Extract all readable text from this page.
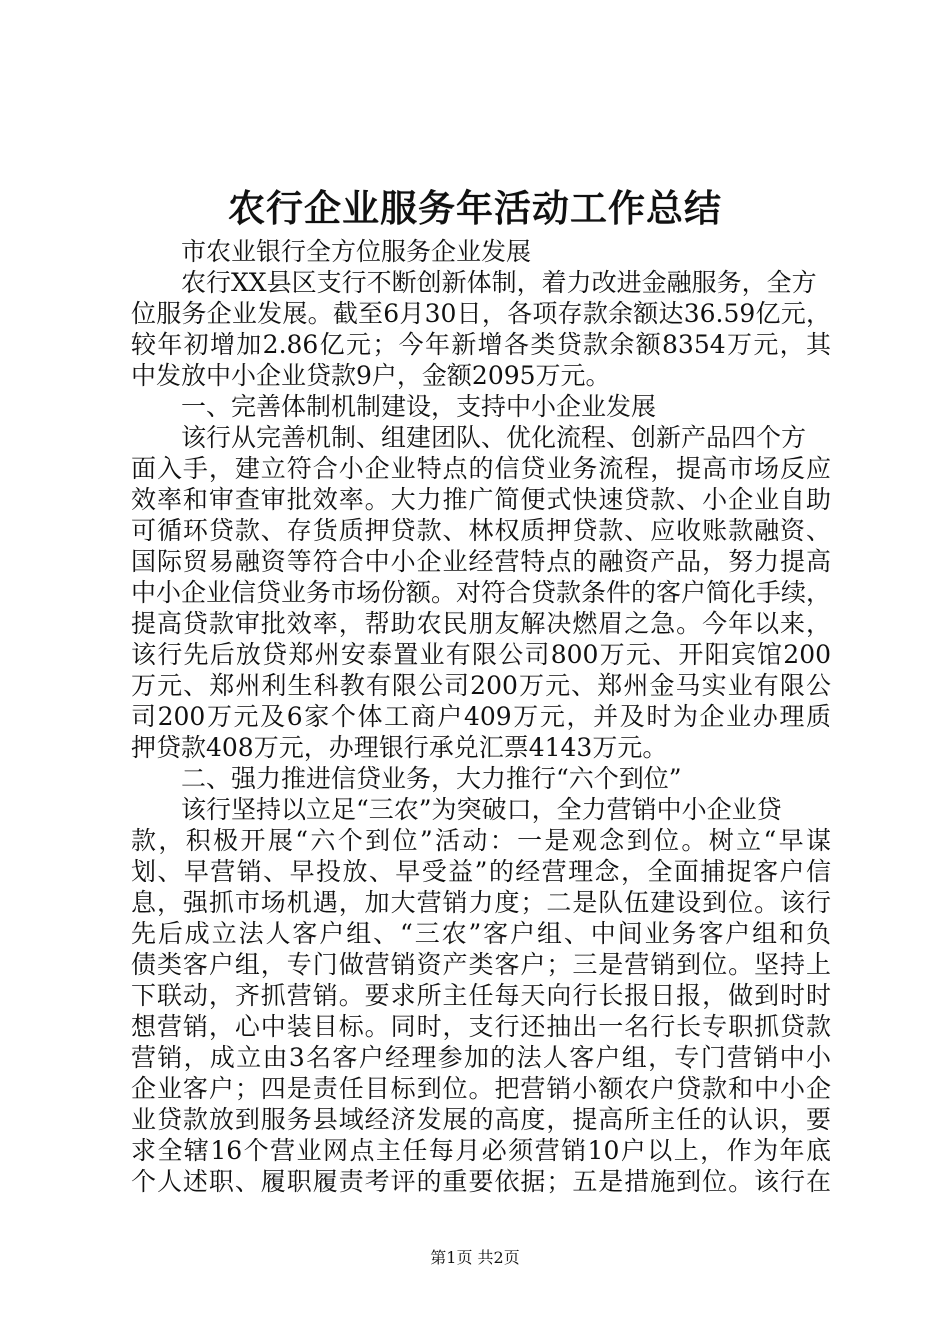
农行企业服务年活动工作总结
市农业银行全方位服务企业发展
农行XX县区支行不断创新体制，着力改进金融服务，全方
位服务企业发展。截至6月30日，各项存款余额达36.59亿元，
较年初增加2.86亿元；今年新增各类贷款余额8354万元，其
中发放中小企业贷款9户，金额2095万元。
一、完善体制机制建设，支持中小企业发展
该行从完善机制、组建团队、优化流程、创新产品四个方
面入手，建立符合小企业特点的信贷业务流程，提高市场反应
效率和审查审批效率。大力推广简便式快速贷款、小企业自助
可循环贷款、存货质押贷款、林权质押贷款、应收账款融资、
国际贸易融资等符合中小企业经营特点的融资产品，努力提高
中小企业信贷业务市场份额。对符合贷款条件的客户简化手续，
提高贷款审批效率，帮助农民朋友解决燃眉之急。今年以来，
该行先后放贷郑州安泰置业有限公司800万元、开阳宾馆200
万元、郑州利生科教有限公司200万元、郑州金马实业有限公
司200万元及6家个体工商户409万元，并及时为企业办理质
押贷款408万元，办理银行承兑汇票4143万元。
二、强力推进信贷业务，大力推行“六个到位”
该行坚持以立足“三农”为突破口，全力营销中小企业贷
款，积极开展“六个到位”活动：一是观念到位。树立“早谋
划、早营销、早投放、早受益”的经营理念，全面捕捉客户信
息，强抓市场机遇，加大营销力度；二是队伍建设到位。该行
先后成立法人客户组、“三农”客户组、中间业务客户组和负
债类客户组，专门做营销资产类客户；三是营销到位。坚持上
下联动，齐抓营销。要求所主任每天向行长报日报，做到时时
想营销，心中装目标。同时，支行还抽出一名行长专职抓贷款
营销，成立由3名客户经理参加的法人客户组，专门营销中小
企业客户；四是责任目标到位。把营销小额农户贷款和中小企
业贷款放到服务县域经济发展的高度，提高所主任的认识，要
求全辖16个营业网点主任每月必须营销10户以上，作为年底
个人述职、履职履责考评的重要依据；五是措施到位。该行在
第1页 共2页
